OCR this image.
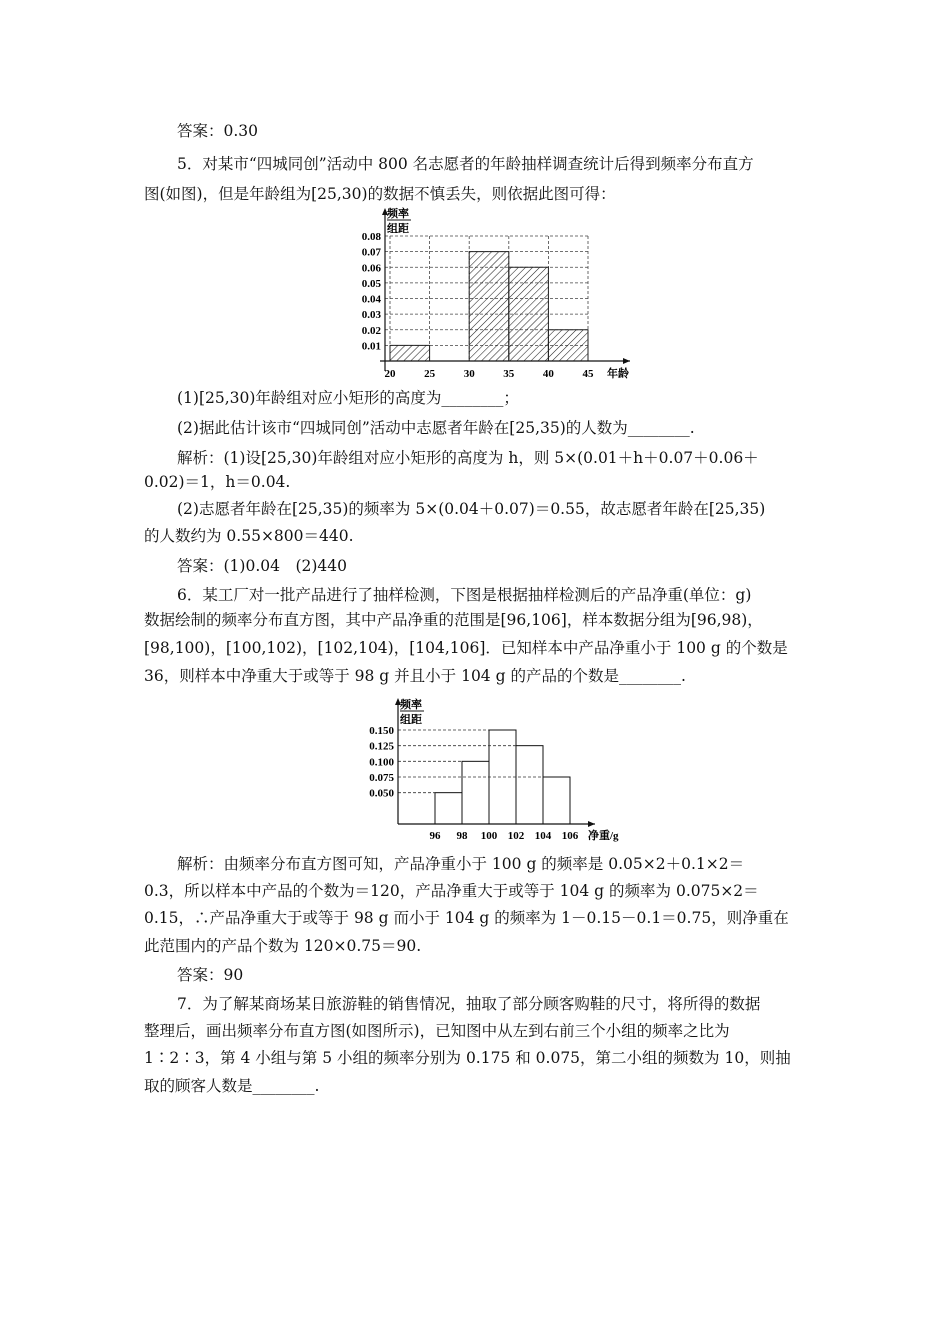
答案：0.30
5．对某市“四城同创”活动中 800 名志愿者的年龄抽样调查统计后得到频率分布直方
图(如图)，但是年龄组为[25,30)的数据不慎丢失，则依据此图可得：
0.01
0.02
0.03
0.04
0.05
0.06
0.07
0.08
20	25	30	35	40	45
频率
组距
年龄
(1)[25,30)年龄组对应小矩形的高度为________；
(2)据此估计该市“四城同创”活动中志愿者年龄在[25,35)的人数为________.
解析：(1)设[25,30)年龄组对应小矩形的高度为 h，则 5×(0.01＋h＋0.07＋0.06＋
0.02)＝1，h＝0.04.
(2)志愿者年龄在[25,35)的频率为 5×(0.04＋0.07)＝0.55，故志愿者年龄在[25,35)
的人数约为 0.55×800＝440.
答案：(1)0.04　(2)440
6．某工厂对一批产品进行了抽样检测，下图是根据抽样检测后的产品净重(单位：g)
数据绘制的频率分布直方图，其中产品净重的范围是[96,106]，样本数据分组为[96,98)，
[98,100)，[100,102)，[102,104)，[104,106]．已知样本中产品净重小于 100 g 的个数是
36，则样本中净重大于或等于 98 g 并且小于 104 g 的产品的个数是________.
0.050
0.075
0.100
0.125
0.150
96 98 100 102 104 106
频率
组距
净重/g
解析：由频率分布直方图可知，产品净重小于 100 g 的频率是 0.05×2＋0.1×2＝
0.3，所以样本中产品的个数为＝120，产品净重大于或等于 104 g 的频率为 0.075×2＝
0.15，∴产品净重大于或等于 98 g 而小于 104 g 的频率为 1－0.15－0.1＝0.75，则净重在
此范围内的产品个数为 120×0.75＝90.
答案：90
7．为了解某商场某日旅游鞋的销售情况，抽取了部分顾客购鞋的尺寸，将所得的数据
整理后，画出频率分布直方图(如图所示)，已知图中从左到右前三个小组的频率之比为
1∶2∶3，第 4 小组与第 5 小组的频率分别为 0.175 和 0.075，第二小组的频数为 10，则抽
取的顾客人数是________.
